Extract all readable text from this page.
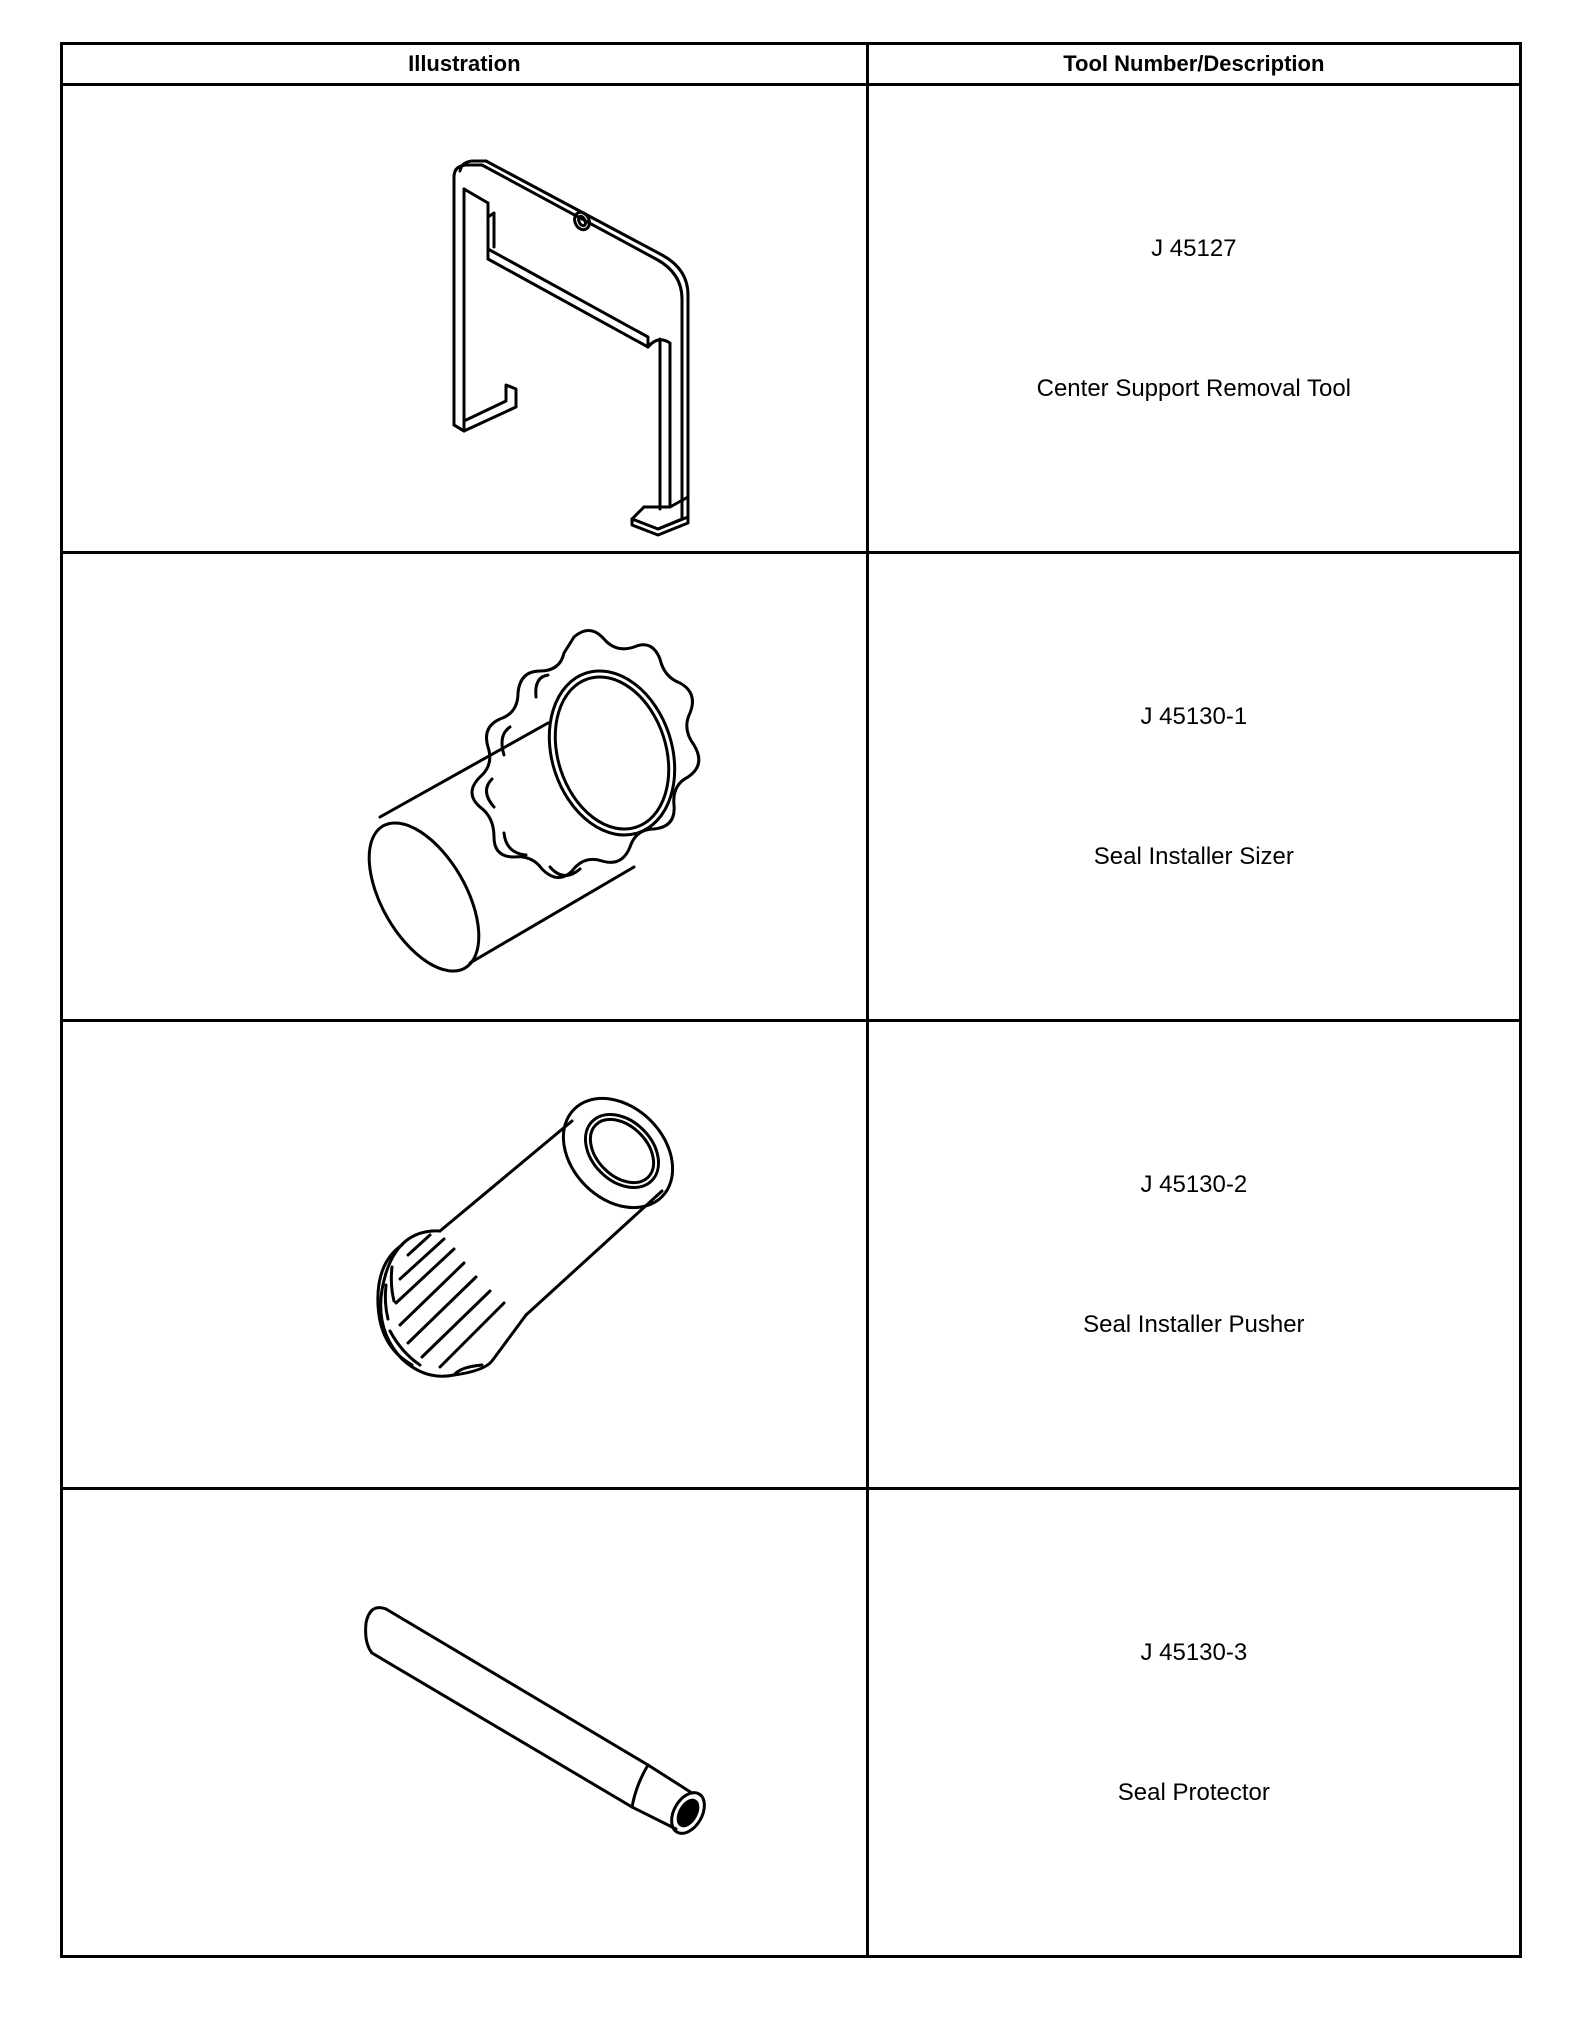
Illustration	Tool Number/Description

J 45127
Center Support Removal Tool

J 45130-1
Seal Installer Sizer

J 45130-2
Seal Installer Pusher

J 45130-3
Seal Protector
